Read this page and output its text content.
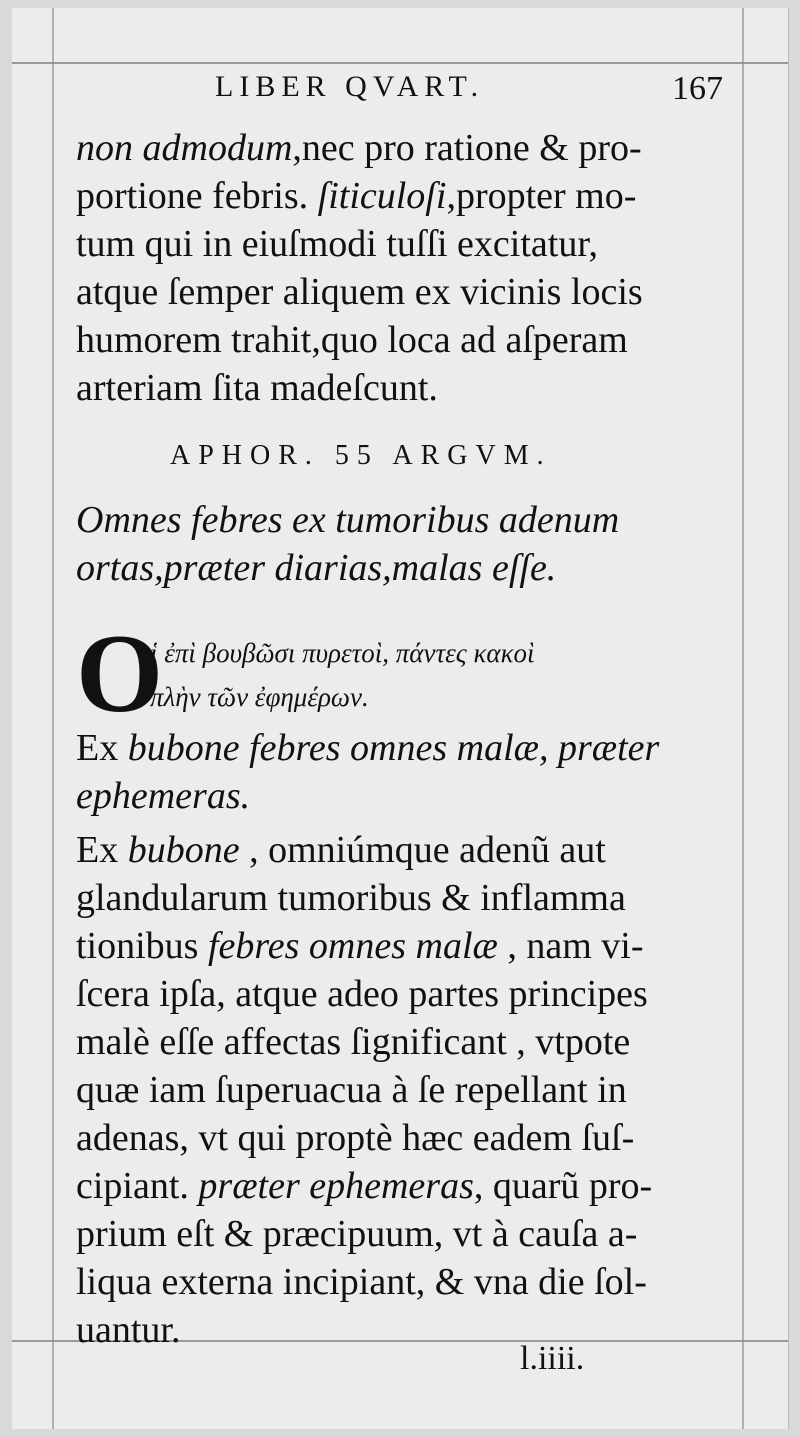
LIBER QVART.	167
non admodum,nec pro ratione & pro-
portione febris. ſiticuloſi,propter mo-
tum qui in eiuſmodi tuſſi excitatur,
atque ſemper aliquem ex vicinis locis
humorem trahit,quo loca ad aſperam
arteriam ſita madeſcunt.
APHOR. 55 ARGVM.
Omnes febres ex tumoribus adenum
ortas,præter diarias,malas eſſe.
O
ἱ ἐπὶ βουβῶσι πυρετοὶ, πάντες κακοὶ
πλὴν τῶν ἐφημέρων.
Ex bubone febres omnes malæ, præter
ephemeras.
Ex bubone , omniúmque adenũ aut
glandularum tumoribus & inflamma
tionibus febres omnes malæ , nam vi-
ſcera ipſa, atque adeo partes principes
malè eſſe affectas ſignificant , vtpote
quæ iam ſuperuacua à ſe repellant in
adenas, vt qui proptè hæc eadem ſuſ-
cipiant. præter ephemeras, quarũ pro-
prium eſt & præcipuum, vt à cauſa a-
liqua externa incipiant, & vna die ſol-
uantur.
l.iiii.
